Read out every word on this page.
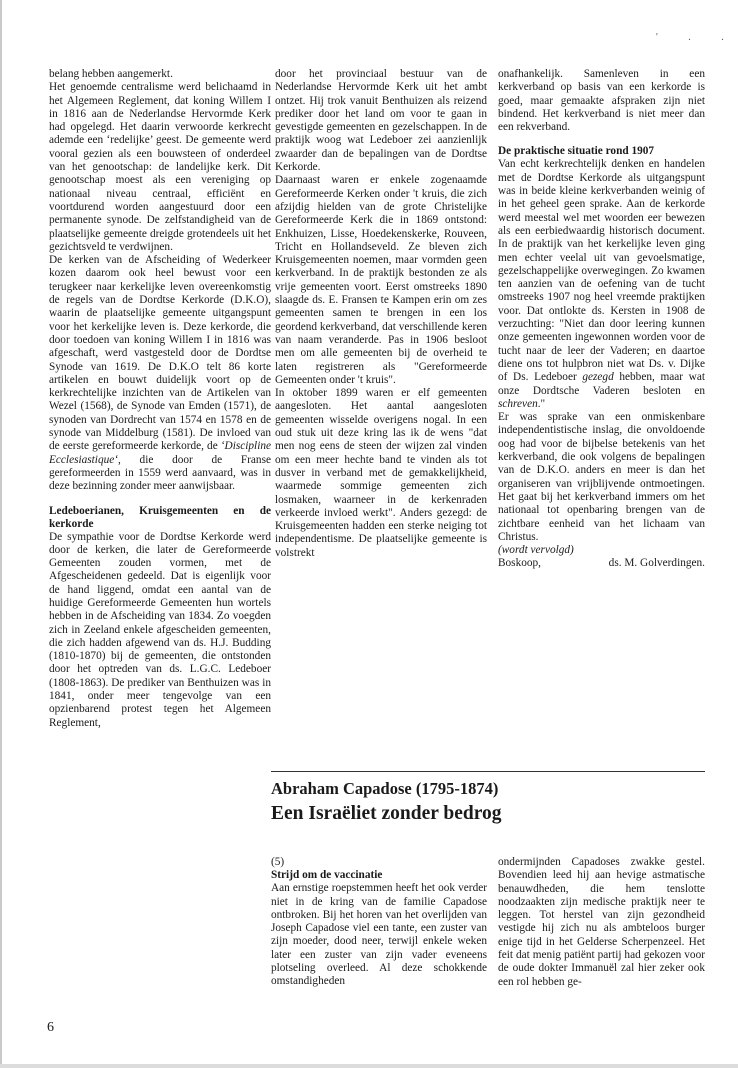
' . .

belang hebben aangemerkt.

Het genoemde centralisme werd belichaamd in het Algemeen Reglement, dat koning Willem I in 1816 aan de Nederlandse Hervormde Kerk had opgelegd. Het daarin verwoorde kerkrecht ademde een ‘redelijke’ geest. De gemeente werd vooral gezien als een bouwsteen of onderdeel van het genootschap: de landelijke kerk. Dit genootschap moest als een vereniging op nationaal niveau centraal, efficiënt en voortdurend worden aangestuurd door een permanente synode. De zelfstandigheid van de plaatselijke gemeente dreigde grotendeels uit het gezichtsveld te verdwijnen.

De kerken van de Afscheiding of Wederkeer kozen daarom ook heel bewust voor een terugkeer naar kerkelijke leven overeenkomstig de regels van de Dordtse Kerkorde (D.K.O), waarin de plaatselijke gemeente uitgangspunt voor het kerkelijke leven is. Deze kerkorde, die door toedoen van koning Willem I in 1816 was afgeschaft, werd vastgesteld door de Dordtse Synode van 1619. De D.K.O telt 86 korte artikelen en bouwt duidelijk voort op de kerkrechtelijke inzichten van de Artikelen van Wezel (1568), de Synode van Emden (1571), de synoden van Dordrecht van 1574 en 1578 en de synode van Middelburg (1581). De invloed van de eerste gereformeerde kerkorde, de ‘Discipline Ecclesiastique‘, die door de Franse gereformeerden in 1559 werd aanvaard, was in deze bezinning zonder meer aanwijsbaar.

Ledeboerianen, Kruisgemeenten en de kerkorde

De sympathie voor de Dordtse Kerkorde werd door de kerken, die later de Gereformeerde Gemeenten zouden vormen, met de Afgescheidenen gedeeld. Dat is eigenlijk voor de hand liggend, omdat een aantal van de huidige Gereformeerde Gemeenten hun wortels hebben in de Afscheiding van 1834. Zo voegden zich in Zeeland enkele afgescheiden gemeenten, die zich hadden afgewend van ds. H.J. Budding (1810-1870) bij de gemeenten, die ontstonden door het optreden van ds. L.G.C. Ledeboer (1808-1863). De prediker van Benthuizen was in 1841, onder meer tengevolge van een opzienbarend protest tegen het Algemeen Reglement,

door het provinciaal bestuur van de Nederlandse Hervormde Kerk uit het ambt ontzet. Hij trok vanuit Benthuizen als reizend prediker door het land om voor te gaan in gevestigde gemeenten en gezelschappen. In de praktijk woog wat Ledeboer zei aanzienlijk zwaarder dan de bepalingen van de Dordtse Kerkorde.

Daarnaast waren er enkele zogenaamde Gereformeerde Kerken onder 't kruis, die zich afzijdig hielden van de grote Christelijke Gereformeerde Kerk die in 1869 ontstond: Enkhuizen, Lisse, Hoedekenskerke, Rouveen, Tricht en Hollandseveld. Ze bleven zich Kruisgemeenten noemen, maar vormden geen kerkverband. In de praktijk bestonden ze als vrije gemeenten voort. Eerst omstreeks 1890 slaagde ds. E. Fransen te Kampen erin om zes gemeenten samen te brengen in een los geordend kerkverband, dat verschillende keren van naam veranderde. Pas in 1906 besloot men om alle gemeenten bij de overheid te laten registreren als "Gereformeerde Gemeenten onder 't kruis".

In oktober 1899 waren er elf gemeenten aangesloten. Het aantal aangesloten gemeenten wisselde overigens nogal. In een oud stuk uit deze kring las ik de wens "dat men nog eens de steen der wijzen zal vinden om een meer hechte band te vinden als tot dusver in verband met de gemakkelijkheid, waarmede sommige gemeenten zich losmaken, waarneer in de kerkenraden verkeerde invloed werkt". Anders gezegd: de Kruisgemeenten hadden een sterke neiging tot independentisme. De plaatselijke gemeente is volstrekt

onafhankelijk. Samenleven in een kerkverband op basis van een kerkorde is goed, maar gemaakte afspraken zijn niet bindend. Het kerkverband is niet meer dan een rekverband.

De praktische situatie rond 1907

Van echt kerkrechtelijk denken en handelen met de Dordtse Kerkorde als uitgangspunt was in beide kleine kerkverbanden weinig of in het geheel geen sprake. Aan de kerkorde werd meestal wel met woorden eer bewezen als een eerbiedwaardig historisch document. In de praktijk van het kerkelijke leven ging men echter veelal uit van gevoelsmatige, gezelschappelijke overwegingen. Zo kwamen ten aanzien van de oefening van de tucht omstreeks 1907 nog heel vreemde praktijken voor. Dat ontlokte ds. Kersten in 1908 de verzuchting: "Niet dan door leering kunnen onze gemeenten ingewonnen worden voor de tucht naar de leer der Vaderen; en daartoe diene ons tot hulpbron niet wat Ds. v. Dijke of Ds. Ledeboer gezegd hebben, maar wat onze Dordtsche Vaderen besloten en schreven."

Er was sprake van een onmiskenbare independentistische inslag, die onvoldoende oog had voor de bijbelse betekenis van het kerkverband, die ook volgens de bepalingen van de D.K.O. anders en meer is dan het organiseren van vrijblijvende ontmoetingen. Het gaat bij het kerkverband immers om het nationaal tot openbaring brengen van de zichtbare eenheid van het lichaam van Christus.

(wordt vervolgd)

Boskoop,	ds. M. Golverdingen.

Abraham Capadose (1795-1874)
Een Israëliet zonder bedrog

(5)

Strijd om de vaccinatie

Aan ernstige roepstemmen heeft het ook verder niet in de kring van de familie Capadose ontbroken. Bij het horen van het overlijden van Joseph Capadose viel een tante, een zuster van zijn moeder, dood neer, terwijl enkele weken later een zuster van zijn vader eveneens plotseling overleed. Al deze schokkende omstandigheden

ondermijnden Capadoses zwakke gestel. Bovendien leed hij aan hevige astmatische benauwdheden, die hem tenslotte noodzaakten zijn medische praktijk neer te leggen. Tot herstel van zijn gezondheid vestigde hij zich nu als ambteloos burger enige tijd in het Gelderse Scherpenzeel. Het feit dat menig patiënt partij had gekozen voor de oude dokter Immanuël zal hier zeker ook een rol hebben ge-

6
